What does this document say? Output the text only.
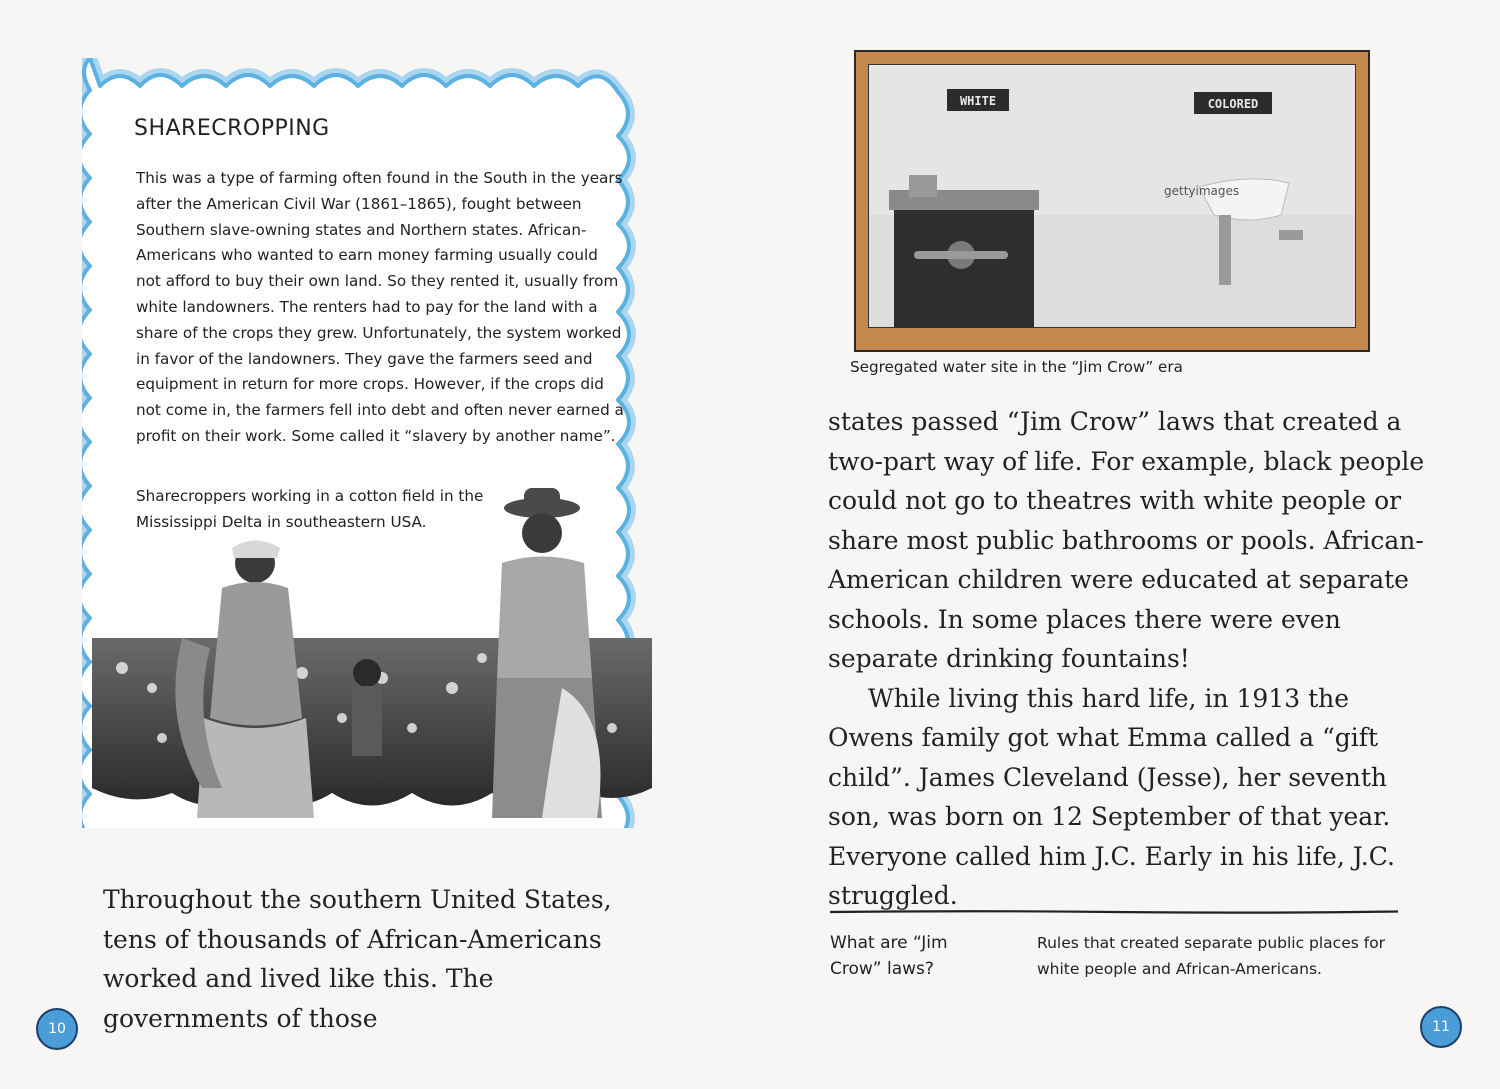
SHARECROPPING
This was a type of farming often found in the South in the years after the American Civil War (1861–1865), fought between Southern slave-owning states and Northern states. African-Americans who wanted to earn money farming usually could not afford to buy their own land. So they rented it, usually from white landowners. The renters had to pay for the land with a share of the crops they grew. Unfortunately, the system worked in favor of the landowners. They gave the farmers seed and equipment in return for more crops. However, if the crops did not come in, the farmers fell into debt and often never earned a profit on their work. Some called it “slavery by another name”.
Sharecroppers working in a cotton field in the Mississippi Delta in southeastern USA.
Throughout the southern United States, tens of thousands of African-Americans worked and lived like this. The governments of those
10
WHITE	COLORED
gettyimages
Segregated water site in the “Jim Crow” era

states passed “Jim Crow” laws that created a two-part way of life. For example, black people could not go to theatres with white people or share most public bathrooms or pools. African-American children were educated at separate schools. In some places there were even separate drinking fountains!

While living this hard life, in 1913 the Owens family got what Emma called a “gift child”. James Cleveland (Jesse), her seventh son, was born on 12 September of that year. Everyone called him J.C. Early in his life, J.C. struggled.

What are “Jim Crow” laws?
Rules that created separate public places for white people and African-Americans.
11
